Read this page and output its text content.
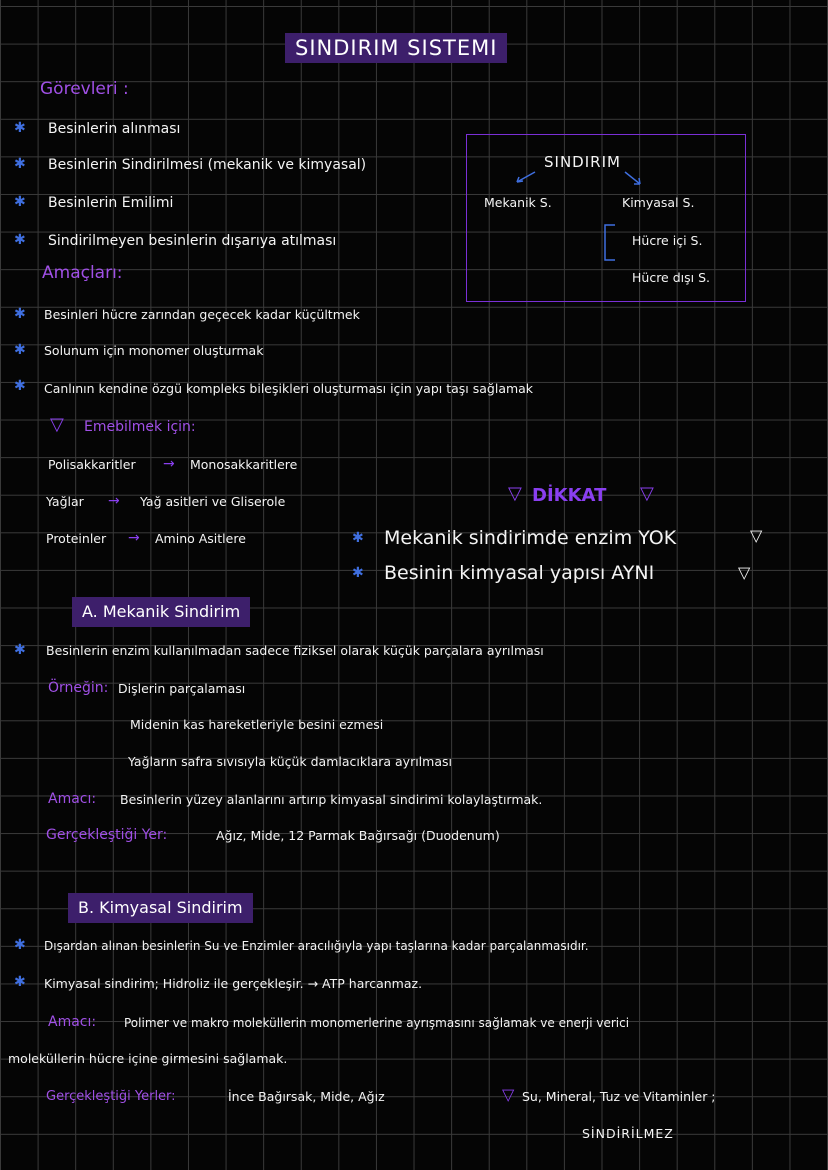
SINDIRIM SISTEMI
Görevleri :
✱ Besinlerin alınması
✱ Besinlerin Sindirilmesi (mekanik ve kimyasal)
✱ Besinlerin Emilimi
✱ Sindirilmeyen besinlerin dışarıya atılması
SINDIRIM
Mekanik S.	Kimyasal S.
Hücre içi S.
Hücre dışı S.
Amaçları:
✱ Besinleri hücre zarından geçecek kadar küçültmek
✱ Solunum için monomer oluşturmak
✱ Canlının kendine özgü kompleks bileşikleri oluşturması için yapı taşı sağlamak
▽ Emebilmek için:
Polisakkaritler → Monosakkaritlere
Yağlar → Yağ asitleri ve Gliserole
Proteinler → Amino Asitlere
▽ DİKKAT ▽
✱ Mekanik sindirimde enzim YOK	▽
✱ Besinin kimyasal yapısı AYNI	▽
A. Mekanik Sindirim
✱ Besinlerin enzim kullanılmadan sadece fiziksel olarak küçük parçalara ayrılması
Örneğin: Dişlerin parçalaması
Midenin kas hareketleriyle besini ezmesi
Yağların safra sıvısıyla küçük damlacıklara ayrılması
Amacı: Besinlerin yüzey alanlarını artırıp kimyasal sindirimi kolaylaştırmak.
Gerçekleştiği Yer:	Ağız, Mide, 12 Parmak Bağırsağı (Duodenum)
B. Kimyasal Sindirim
✱ Dışardan alınan besinlerin Su ve Enzimler aracılığıyla yapı taşlarına kadar parçalanmasıdır.
✱ Kimyasal sindirim; Hidroliz ile gerçekleşir. → ATP harcanmaz.
Amacı: Polimer ve makro moleküllerin monomerlerine ayrışmasını sağlamak ve enerji verici
moleküllerin hücre içine girmesini sağlamak.
Gerçekleştiği Yerler:	İnce Bağırsak, Mide, Ağız	▽ Su, Mineral, Tuz ve Vitaminler ;
SİNDİRİLMEZ
